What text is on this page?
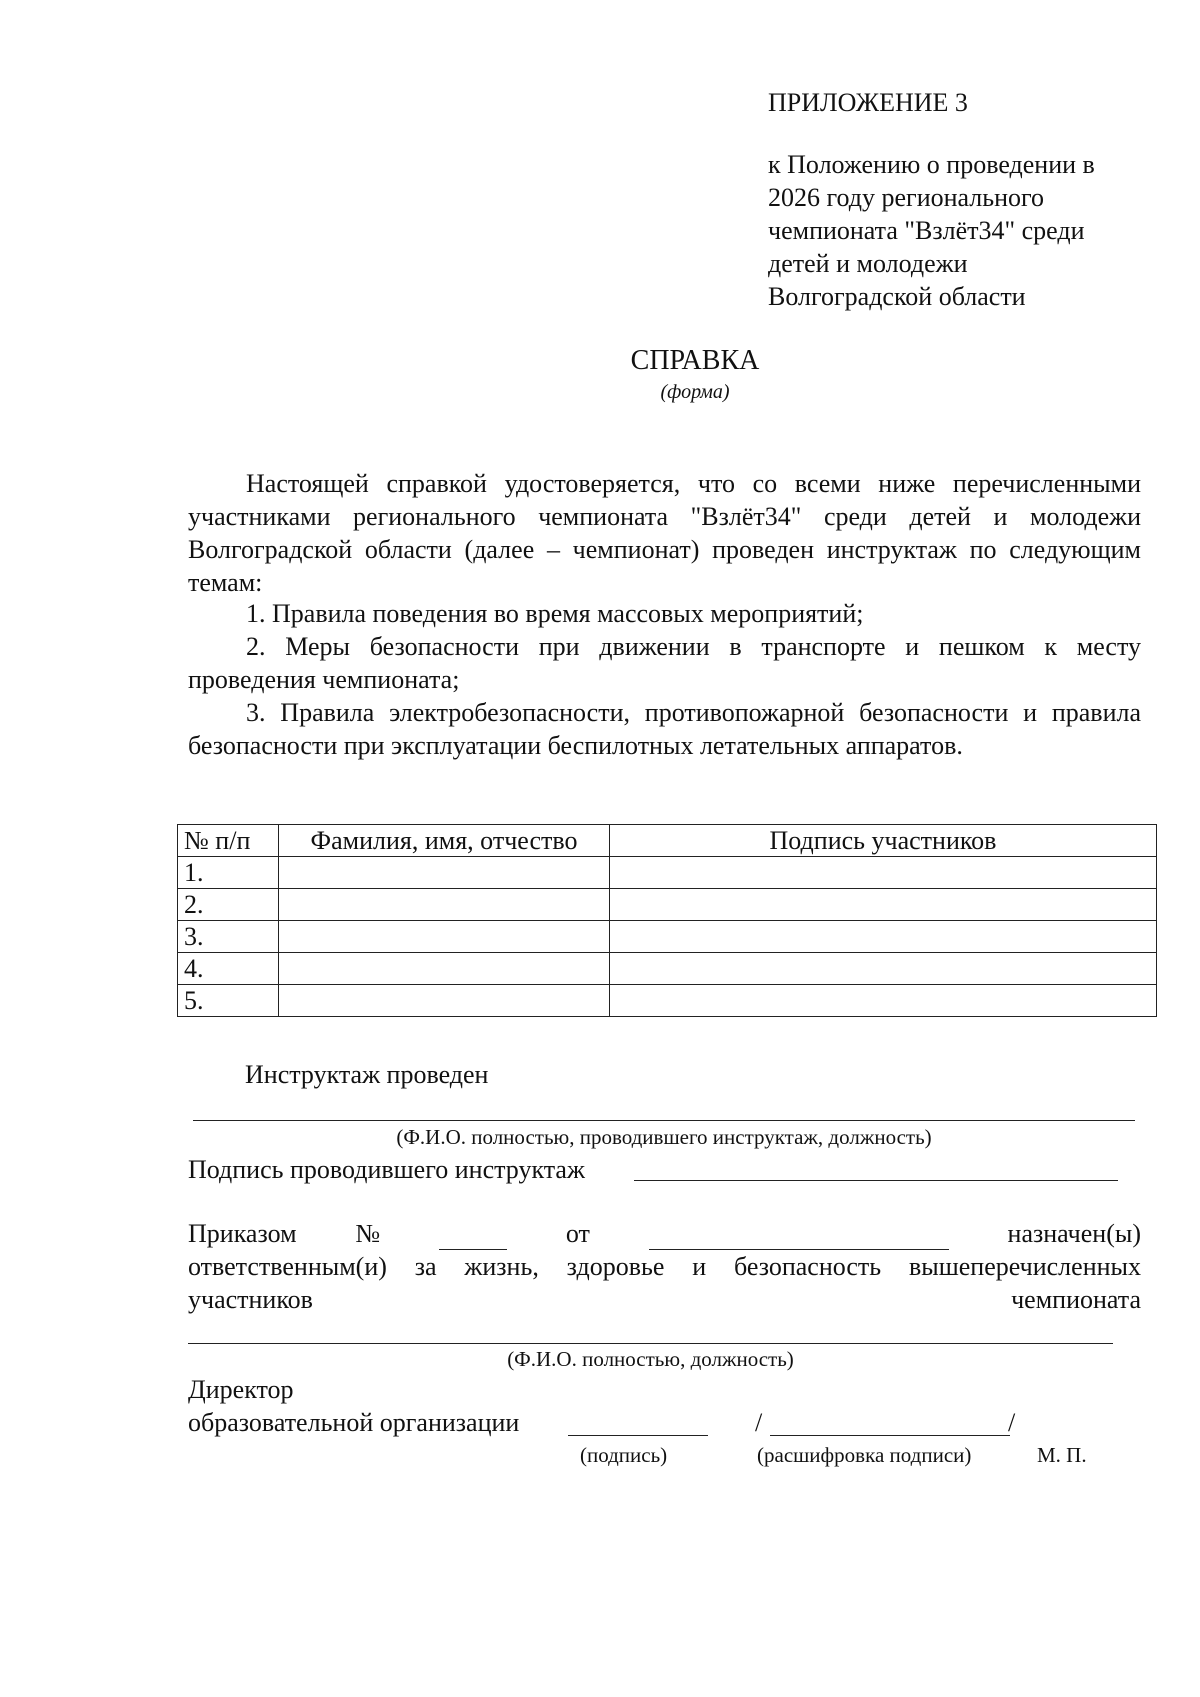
ПРИЛОЖЕНИЕ 3
к Положению о проведении в
2026 году регионального
чемпионата "Взлёт34" среди
детей и молодежи
Волгоградской области
СПРАВКА
(форма)
Настоящей справкой удостоверяется, что со всеми ниже перечисленными участниками регионального чемпионата "Взлёт34" среди детей и молодежи Волгоградской области (далее – чемпионат) проведен инструктаж по следующим темам:
1. Правила поведения во время массовых мероприятий;
2. Меры безопасности при движении в транспорте и пешком к месту проведения чемпионата;
3. Правила электробезопасности, противопожарной безопасности и правила безопасности при эксплуатации беспилотных летательных аппаратов.
№ п/п	Фамилия, имя, отчество	Подпись участников
1.		
2.		
3.		
4.		
5.		
Инструктаж проведен
(Ф.И.О. полностью, проводившего инструктаж, должность)
Подпись проводившего инструктаж
Приказом №	от	назначен(ы)
ответственным(и) за жизнь, здоровье и безопасность вышеперечисленных
участников	чемпионата
(Ф.И.О. полностью, должность)
Директор
образовательной организации	/	/
(подпись)	(расшифровка подписи)	М. П.
